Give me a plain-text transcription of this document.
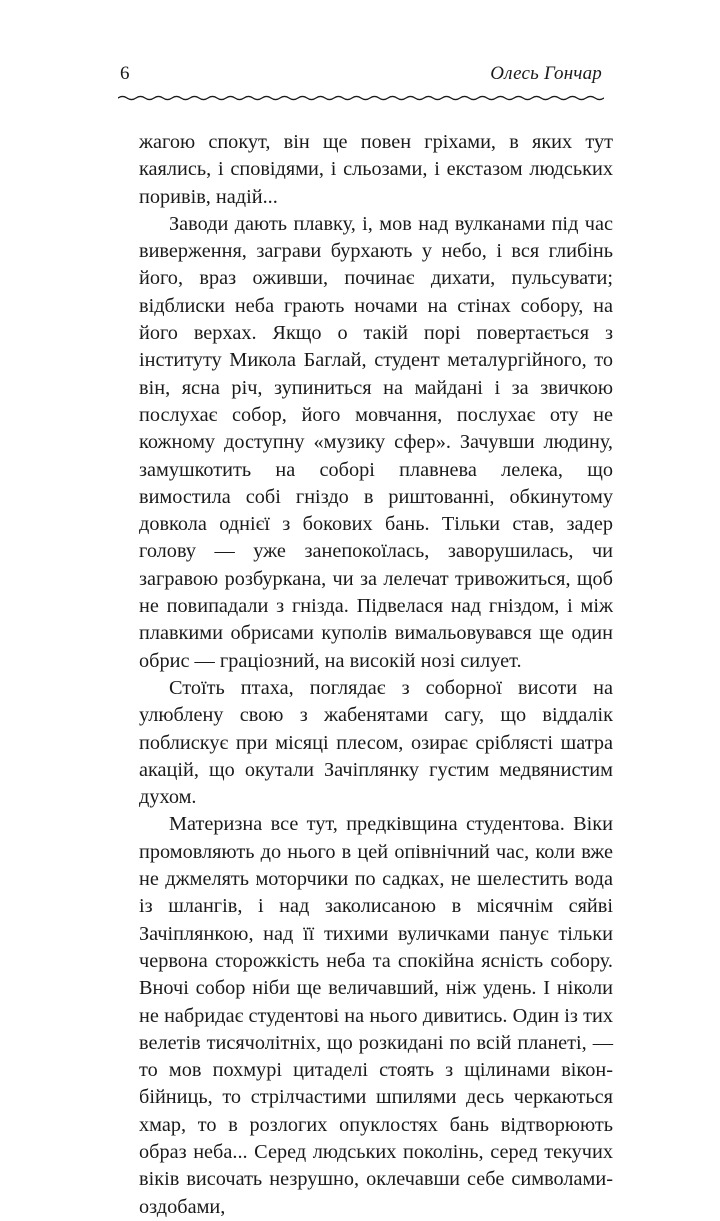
6	Олесь Гончар

жагою спокут, він ще повен гріхами, в яких тут каялись, і сповідями, і сльозами, і екстазом людських поривів, надій...

Заводи дають плавку, і, мов над вулканами під час виверження, заграви бурхають у небо, і вся глибінь його, враз оживши, починає дихати, пульсувати; відблиски неба грають ночами на стінах собору, на його верхах. Якщо о такій порі повертається з інституту Микола Баглай, студент металургійного, то він, ясна річ, зупиниться на майдані і за звичкою послухає собор, його мовчання, послухає оту не кожному доступну «музику сфер». Зачувши людину, замушкотить на соборі плавнева лелека, що вимостила собі гніздо в риштованні, обкинутому довкола однієї з бокових бань. Тільки став, задер голову — уже занепокоїлась, заворушилась, чи загравою розбуркана, чи за лелечат тривожиться, щоб не повипадали з гнізда. Підвелася над гніздом, і між плавкими обрисами куполів вимальовувався ще один обрис — граціозний, на високій нозі силует.

Стоїть птаха, поглядає з соборної висоти на улюблену свою з жабенятами сагу, що віддалік поблискує при місяці плесом, озирає сріблясті шатра акацій, що окутали Зачіплянку густим медвянистим духом.

Материзна все тут, предківщина студентова. Віки промовляють до нього в цей опівнічний час, коли вже не джмелять моторчики по садках, не шелестить вода із шлангів, і над заколисаною в місячнім сяйві Зачіплянкою, над її тихими вуличками панує тільки червона сторожкість неба та спокійна ясність собору. Вночі собор ніби ще величавший, ніж удень. І ніколи не набридає студентові на нього дивитись. Один із тих велетів тисячолітніх, що розкидані по всій планеті, — то мов похмурі цитаделі стоять з щілинами вікон-бійниць, то стрілчастими шпилями десь черкаються хмар, то в розлогих опуклостях бань відтворюють образ неба... Серед людських поколінь, серед текучих віків височать незрушно, оклечавши себе символами-оздобами,
